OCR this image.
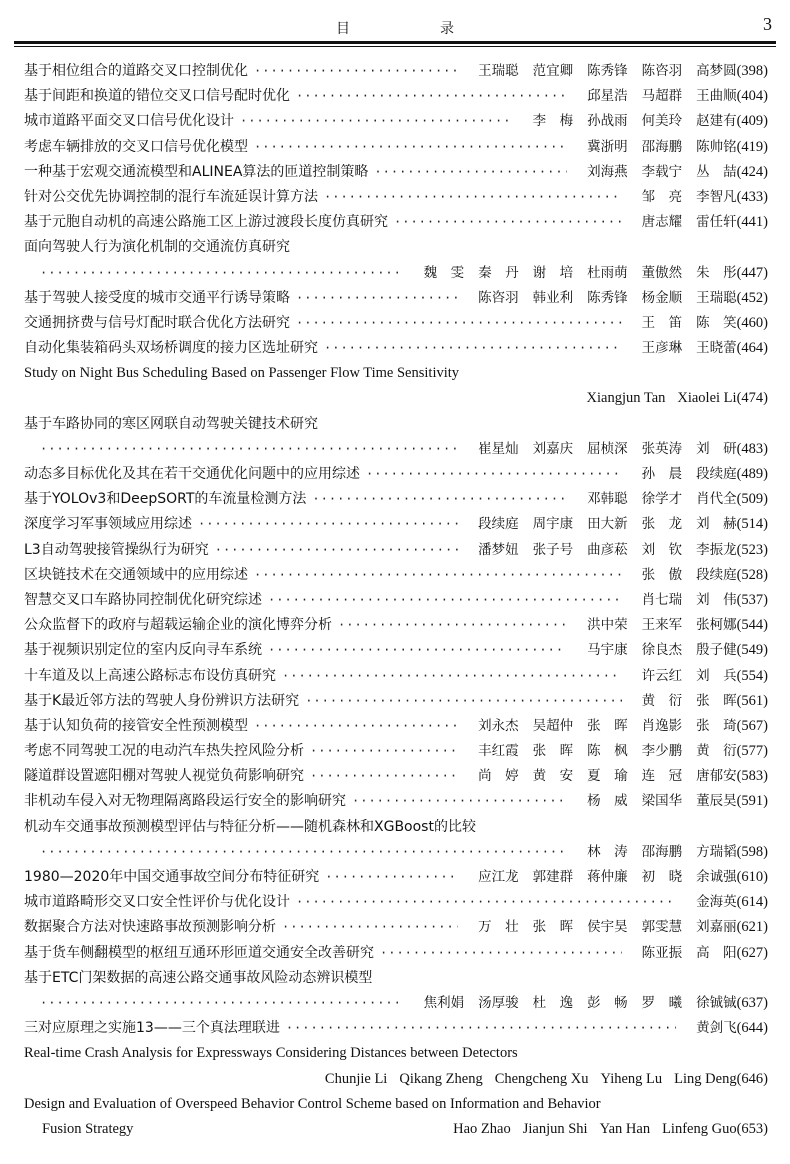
目　录	3
基于相位组合的道路交叉口控制优化 ·····	王瑞聪	范宜卿	陈秀锋	陈咨羽	高梦圆 (398)
基于间距和换道的错位交叉口信号配时优化 ·····	邱星浩	马超群	王曲顺 (404)
城市道路平面交叉口信号优化设计 ·····	李　梅	孙战雨	何美玲	赵建有 (409)
考虑车辆排放的交叉口信号优化模型 ·····	冀浙明	邵海鹏	陈帅铭 (419)
一种基于宏观交通流模型和ALINEA算法的匝道控制策略 ·····	刘海燕	李载宁	丛　喆 (424)
针对公交优先协调控制的混行车流延误计算方法 ·····	邹　亮	李智凡 (433)
基于元胞自动机的高速公路施工区上游过渡段长度仿真研究 ·····	唐志耀	雷任轩 (441)
面向驾驶人行为演化机制的交通流仿真研究
·····
魏　雯	秦　丹	谢　培	杜雨萌	董傲然	朱　彤 (447)
基于驾驶人接受度的城市交通平行诱导策略 ·····	陈咨羽	韩业利	陈秀锋	杨金顺	王瑞聪 (452)
交通拥挤费与信号灯配时联合优化方法研究 ·····	王　笛	陈　笑 (460)
自动化集装箱码头双场桥调度的接力区选址研究 ·····	王彦琳	王晓蕾 (464)
Study on Night Bus Scheduling Based on Passenger Flow Time Sensitivity
Xiangjun Tan Xiaolei Li (474)
基于车路协同的寒区网联自动驾驶关键技术研究
·····
崔星灿	刘嘉庆	屈桢深	张英涛	刘　研 (483)
动态多目标优化及其在若干交通优化问题中的应用综述 ·····	孙　晨	段续庭 (489)
基于YOLOv3和DeepSORT的车流量检测方法 ·····	邓韩聪	徐学才	肖代全 (509)
深度学习军事领域应用综述 ·····	段续庭	周宇康	田大新	张　龙	刘　赫 (514)
L3自动驾驶接管操纵行为研究 ·····	潘梦妞	张子号	曲彦菘	刘　钦	李振龙 (523)
区块链技术在交通领域中的应用综述 ·····	张　傲	段续庭 (528)
智慧交叉口车路协同控制优化研究综述 ·····	肖七瑞	刘　伟 (537)
公众监督下的政府与超载运输企业的演化博弈分析 ·····	洪中荣	王来军	张柯娜 (544)
基于视频识别定位的室内反向寻车系统 ·····	马宇康	徐良杰	殷子健 (549)
十车道及以上高速公路标志布设仿真研究 ·····	许云红	刘　兵 (554)
基于K最近邻方法的驾驶人身份辨识方法研究 ·····	黄　衍	张　晖 (561)
基于认知负荷的接管安全性预测模型 ·····	刘永杰	吴超仲	张　晖	肖逸影	张　琦 (567)
考虑不同驾驶工况的电动汽车热失控风险分析 ·····	丰红霞	张　晖	陈　枫	李少鹏	黄　衍 (577)
隧道群设置遮阳棚对驾驶人视觉负荷影响研究 ·····	尚　婷	黄　安	夏　瑜	连　冠	唐郁安 (583)
非机动车侵入对无物理隔离路段运行安全的影响研究 ·····	杨　威	梁国华	董辰昊 (591)
机动车交通事故预测模型评估与特征分析——随机森林和XGBoost的比较
·····
林　涛	邵海鹏	方瑞韬 (598)
1980—2020年中国交通事故空间分布特征研究 ·····	应江龙	郭建群	蒋仲廉	初　晓	余诚强 (610)
城市道路畸形交叉口安全性评价与优化设计 ·····	金海英 (614)
数据聚合方法对快速路事故预测影响分析 ·····	万　壮	张　晖	侯宇昊	郭雯慧	刘嘉丽 (621)
基于货车侧翻模型的枢纽互通环形匝道交通安全改善研究 ·····	陈亚振	高　阳 (627)
基于ETC门架数据的高速公路交通事故风险动态辨识模型
·····
焦利娟	汤厚骏	杜　逸	彭　畅	罗　曦	徐铖铖 (637)
三对应原理之实施13——三个真法理联进 ·····	黄剑飞 (644)
Real-time Crash Analysis for Expressways Considering Distances between Detectors
Chunjie Li Qikang Zheng Chengcheng Xu Yiheng Lu Ling Deng (646)
Design and Evaluation of Overspeed Behavior Control Scheme based on Information and Behavior
Fusion Strategy	Hao Zhao Jianjun Shi Yan Han Linfeng Guo (653)
